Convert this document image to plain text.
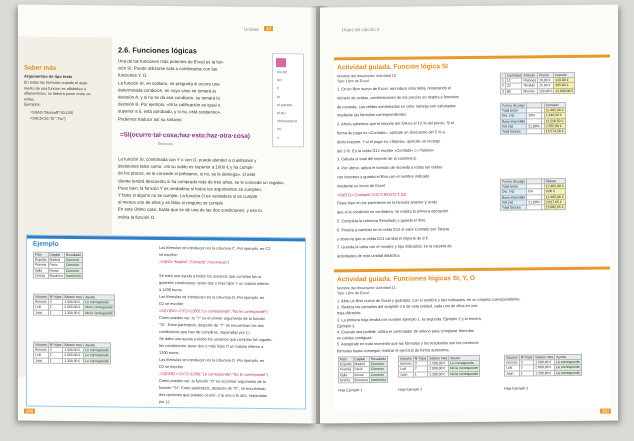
Unidad	10
Saber más
Argumentos de tipo texto
En todas las fórmulas cuando el argu-
mento de una función es alfabético o
alfanumérico, se deberá poner entre co-
millas.
Ejemplos:
=SI(A2="Monroff";50;150)
=SI(C5<20;"Sí";"No")
2.6. Funciones lógicas
Una de las funciones más potentes de Excel es la fun-
ción SI. Puede utilizarse sola o combinarse con las
funciones Y, O.
La función SI, en solitario, se pregunta si ocurre una
determinada condición, en cuyo caso se tomará la
decisión A, y si no se da esa condición, se tomará la
decisión B. Por ejemplo, «Si la calificación es igual o
superior a 5, está aprobado, y si no, está suspenso».
Podemos traducir así su sintaxis:
FALSO
NO
O
SI
SI.ERROR
SI.ND
VERDADERO
XO
Y
=SI(ocurre·tal·cosa;haz·esto;haz·otra·cosa)
Entonces
La función SI, combinada con Y o con O, puede atender a cuestiones y
decisiones tales como: «Si su saldo es superior a 1000 € y ha cumpli-
do los plazos, se le concede el préstamo, si no, se le deniega». O este
cliente tendrá descuento si ha comprado más de tres artes, se le concede un regalo».
Pues bien, la función Y es verdadera si todos los argumentos se cumplen.
Y falso si alguno no se cumple. La función O es verdadera si se cumple
al menos uno de ellos y es falso si ninguno se cumple
En este último caso, basta que se dé una de las dos condiciones, y eso lo
indica la función O.
Ejemplo
País	Capital	Resultado
España	Madrid	Correcto
Francia	París	Correcto
Italia	Roma	Correcto
Grecia	Bucarest	Incorrecto
Usuario	Nº hijos	Salario mes	Ayuda
Antonio	3	1.500,00 €	Le corresponde
Luis	2	2.000,00 €	No le corresponde
Juan	1	1.200,00 €	No le corresponde
Usuario	Nº hijos	Salario mes	Ayuda
Antonio	3	1.500,00 €	Le corresponde
Luis	2	2.000,00 €	Le corresponde
Juan	1	1.200,00 €	Le corresponde
Las fórmulas se introducen en la columna C. Por ejemplo, en C2
se escribe:
=SI(B2="Madrid";"Correcto";"Incorrecto")
Se trata una ayuda a todos los usuarios que cumplan las si-
guientes condiciones: tener dos o más hijos Y un salario inferior
a 1200 euros.
Las fórmulas se introducen en la columna D. Por ejemplo, en
D2 se escribe:
=SI(Y(B2>=2;C2<1200);"Le corresponde";"No le corresponde")
Como puedes ver, la "Y" es el primer argumento de la función
"SI". Entre paréntesis, después de "Y" se encuentran las dos
condiciones que han de cumplirse, separadas por (;).
Se daba una ayuda a todos los usuarios que cumplan las siguien-
tes condiciones: tener dos o más hijos O un salario inferior a
1200 euros.
Las fórmulas se introducen en la columna D. Por ejemplo, en
D2 se escribe:
=SI(O(B2>=2;C2<1200);"Le corresponde";"No le corresponde")
Como puedes ver, la función "O" es el primer argumento de la
función "SI". Entre paréntesis, después de "O", se encuentran
dos opciones que pueden ocurrir, o la una o la otra, separadas
por (;).
266
Hojas de cálculo II
Actividad guiada. Función lógica SI
Nombre del documento: Actividad 10.
Tipo: Libro de Excel.
1. En un libro nuevo de Excel, reproduce esta tabla, respetando el
número de celdas, combinaciones de los precios en negrita y formatos
de moneda. Las celdas sombreadas en color naranja son calculadas
mediante las fórmulas correspondientes.
2. Ahora sabemos que el importe del IVA es el 10 % del precio. Si el
forma de pago es «Contado», aplícale un descuento del 5 % a
dicho importe. Y si el pago es «Tarjeta», aplícale un recargo
del 3 %. En la celda D12 escribe «Contado» o «Tarjeta».
3. Calcula el total del importe de la columna E.
4. Por último, aplica el formato de moneda a todas las celdas
con importes y guarda el libro con el nombre indicado
mediante un icono de Excel.
=SI(D12="Contado";D11*0,95;D11*1,03)
Fíjate bien en los paréntesis en la fórmula anterior y verás
que si la condición es verdadera, se realiza la primera operación.
5. Completa la columna Resultado y guarda el libro.
6. Prueba a cambiar en la celda D12 el valor Contado por Tarjeta
y observa que la celda D13 cambia el importe de 8 €.
7. Guarda la tabla con el nombre y tipo indicados, en la carpeta de
actividades de esta unidad didáctica.
	Cantidad	Artículo	Precio	Importe
1	12	Ratones	10,00 €	120,00 €
2	23	Teclado	15,00 €	345,00 €
3	80	Monitor	150,00 €	12.000,00 €
Forma de pago			Contado
Total bruto			12.465,00 €
Dto. (%)	10%		1.246,50 €
Base imponible			11.218,50 €
IVA (%)	21,00%		2.355,89 €
Total factura			13.574,39 €
Forma de pago			Tarjeta
Total bruto			12.465,00 €
Dto. (%)	0%		0,00 €
Base imponible			12.465,00 €
IVA (%)	21,00%		2.617,65 €
Total factura			15.082,65 €
Actividad guiada. Funciones lógicas SI, Y, O
Nombre del documento: Actividad 11.
Tipo: Libro de Excel.
1. Abre un libro nuevo de Excel y guárdalo, con el nombre y tipo indicados, en su carpeta correspondiente.
2. Realiza los ejemplos del epígrafe 2.6 de esta unidad, cada uno de ellos en una
hoja diferente.
3. La primera hoja tendrá por nombre Ejemplo 1, la segunda, Ejemplo 2 y la tercera,
Ejemplo 3.
4. Cuando sea posible, utiliza el controlador de relleno para completar fórmulas
en celdas contiguas.
5. Asegúrate en todo momento que las fórmulas y los resultados son los correctos
fórmulas hasta conseguir realizar el ejercicio de forma autónoma.
País	Capital	Resultado
España	Madrid	Correcto
Francia	París	Correcto
Italia	Roma	Correcto
Grecia	Bucarest	Incorrecto
Hoja Ejemplo 1
Usuario	Nº hijos	Salario mes	Ayuda
Antonio	3	1.500,00 €	Le corresponde
Luis	2	2.000,00 €	No le corresponde
Juan	1	1.200,00 €	No le corresponde
Hoja Ejemplo 2
Usuario	Nº hijos	Salario mes	Ayuda
Antonio	3	1.500,00 €	Le corresponde
Luis	2	2.000,00 €	Le corresponde
Juan	1	1.200,00 €	Le corresponde
Hoja Ejemplo 3
267
